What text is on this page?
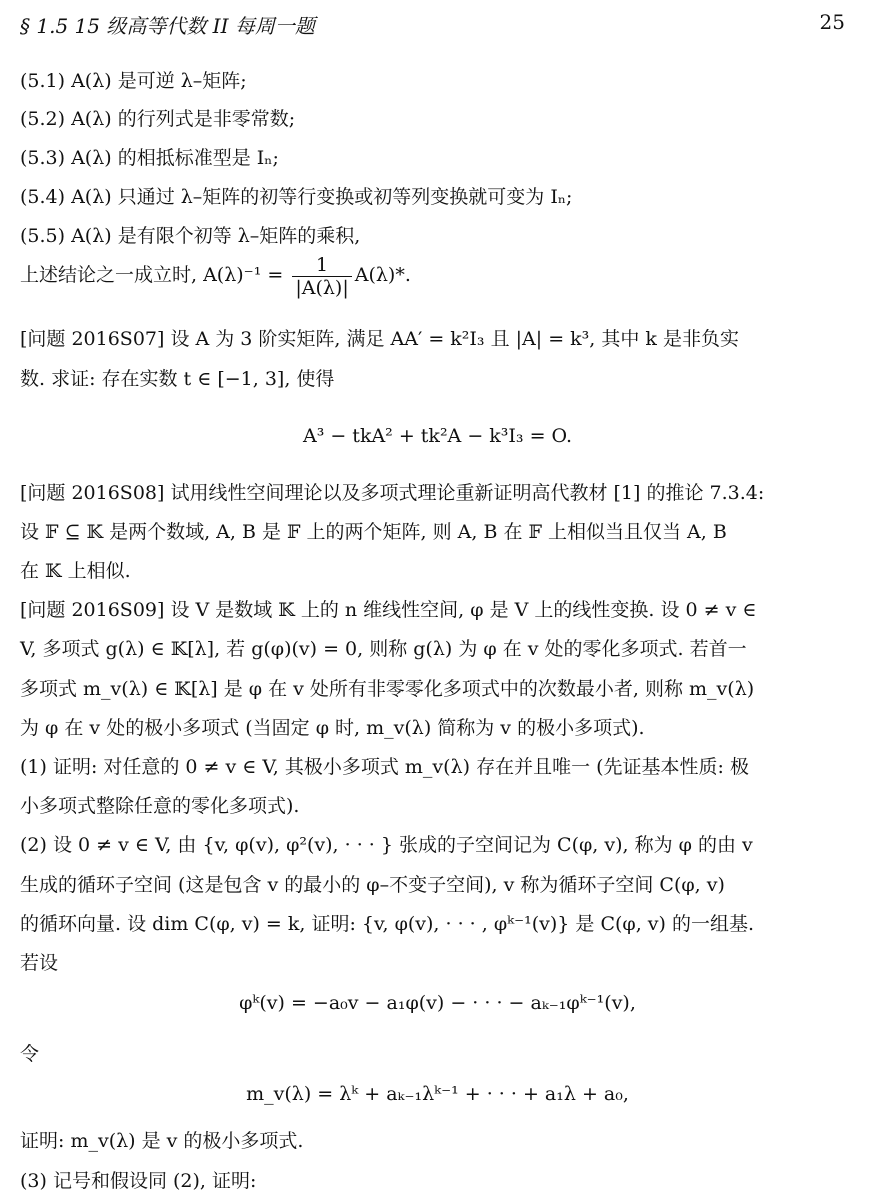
§ 1.5 15 级高等代数 II 每周一题	25
(5.1) A(λ) 是可逆 λ–矩阵;
(5.2) A(λ) 的行列式是非零常数;
(5.3) A(λ) 的相抵标准型是 Iₙ;
(5.4) A(λ) 只通过 λ–矩阵的初等行变换或初等列变换就可变为 Iₙ;
(5.5) A(λ) 是有限个初等 λ–矩阵的乘积,
上述结论之一成立时, $A(\lambda)^{-1} = \frac{1}{|A(\lambda)|} A(\lambda)*$.
[问题 2016S07] 设 A 为 3 阶实矩阵, 满足 AA′ = k²I₃ 且 |A| = k³, 其中 k 是非负实
数. 求证: 存在实数 t ∈ [−1, 3], 使得
A³ − tkA² + tk²A − k³I₃ = O.
[问题 2016S08] 试用线性空间理论以及多项式理论重新证明高代教材 [1] 的推论 7.3.4:
设 𝔽 ⊆ 𝕂 是两个数域, A, B 是 𝔽 上的两个矩阵, 则 A, B 在 𝔽 上相似当且仅当 A, B
在 𝕂 上相似.
[问题 2016S09] 设 V 是数域 𝕂 上的 n 维线性空间, φ 是 V 上的线性变换. 设 0 ≠ v ∈
V, 多项式 g(λ) ∈ 𝕂[λ], 若 g(φ)(v) = 0, 则称 g(λ) 为 φ 在 v 处的零化多项式. 若首一
多项式 m_v(λ) ∈ 𝕂[λ] 是 φ 在 v 处所有非零零化多项式中的次数最小者, 则称 m_v(λ)
为 φ 在 v 处的极小多项式 (当固定 φ 时, m_v(λ) 简称为 v 的极小多项式).
(1) 证明: 对任意的 0 ≠ v ∈ V, 其极小多项式 m_v(λ) 存在并且唯一 (先证基本性质: 极
小多项式整除任意的零化多项式).
(2) 设 0 ≠ v ∈ V, 由 {v, φ(v), φ²(v), · · · } 张成的子空间记为 C(φ, v), 称为 φ 的由 v
生成的循环子空间 (这是包含 v 的最小的 φ–不变子空间), v 称为循环子空间 C(φ, v)
的循环向量. 设 dim C(φ, v) = k, 证明: {v, φ(v), · · · , φᵏ⁻¹(v)} 是 C(φ, v) 的一组基.
若设
φᵏ(v) = −a₀v − a₁φ(v) − · · · − aₖ₋₁φᵏ⁻¹(v),
令
m_v(λ) = λᵏ + aₖ₋₁λᵏ⁻¹ + · · · + a₁λ + a₀,
证明: m_v(λ) 是 v 的极小多项式.
(3) 记号和假设同 (2), 证明:
